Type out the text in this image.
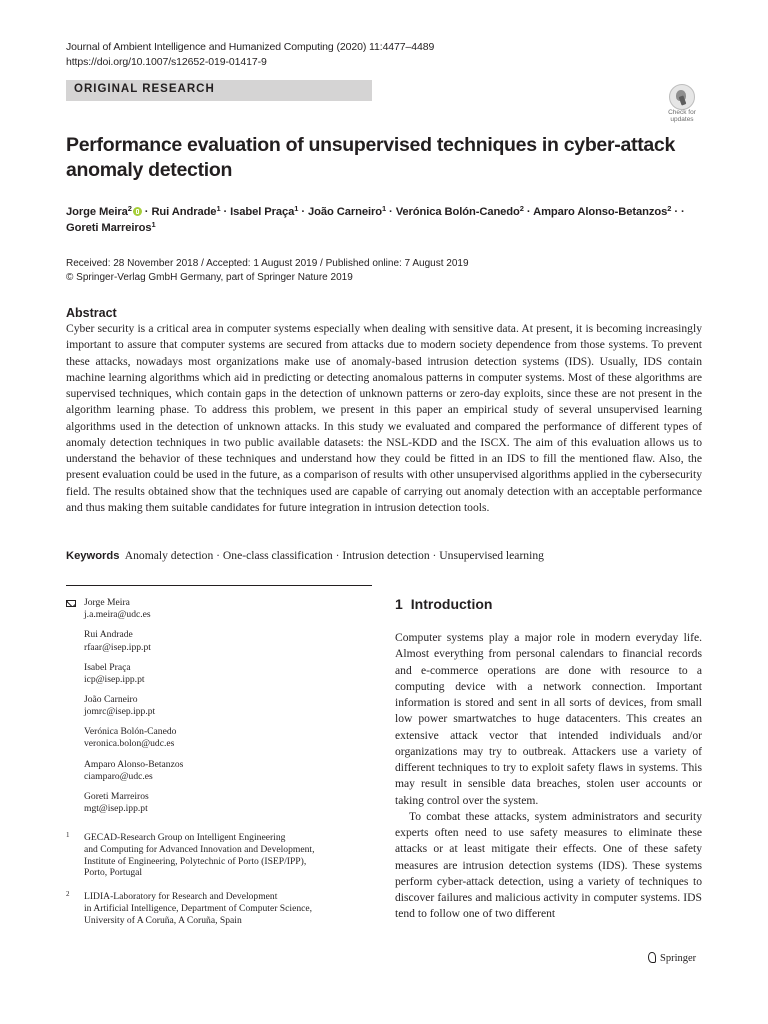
Journal of Ambient Intelligence and Humanized Computing (2020) 11:4477–4489
https://doi.org/10.1007/s12652-019-01417-9
ORIGINAL RESEARCH
Check for
updates
Performance evaluation of unsupervised techniques in cyber-attack anomaly detection
Jorge Meira$^2$ · Rui Andrade$^1$ · Isabel Praça$^1$ · João Carneiro$^1$ · Verónica Bolón-Canedo$^2$ · Amparo Alonso-Betanzos$^2$ · ·
Goreti Marreiros$^1$
Received: 28 November 2018 / Accepted: 1 August 2019 / Published online: 7 August 2019
© Springer-Verlag GmbH Germany, part of Springer Nature 2019
Abstract
Cyber security is a critical area in computer systems especially when dealing with sensitive data. At present, it is becoming increasingly important to assure that computer systems are secured from attacks due to modern society dependence from those systems. To prevent these attacks, nowadays most organizations make use of anomaly-based intrusion detection systems (IDS). Usually, IDS contain machine learning algorithms which aid in predicting or detecting anomalous patterns in computer systems. Most of these algorithms are supervised techniques, which contain gaps in the detection of unknown patterns or zero-day exploits, since these are not present in the algorithm learning phase. To address this problem, we present in this paper an empirical study of several unsupervised learning algorithms used in the detection of unknown attacks. In this study we evaluated and compared the performance of different types of anomaly detection techniques in two public available datasets: the NSL-KDD and the ISCX. The aim of this evaluation allows us to understand the behavior of these techniques and understand how they could be fitted in an IDS to fill the mentioned flaw. Also, the present evaluation could be used in the future, as a comparison of results with other unsupervised algorithms applied in the cybersecurity field. The results obtained show that the techniques used are capable of carrying out anomaly detection with an acceptable performance and thus making them suitable candidates for future integration in intrusion detection tools.
Keywords Anomaly detection · One-class classification · Intrusion detection · Unsupervised learning
Jorge Meira
j.a.meira@udc.es
Rui Andrade
rfaar@isep.ipp.pt
Isabel Praça
icp@isep.ipp.pt
João Carneiro
jomrc@isep.ipp.pt
Verónica Bolón-Canedo
veronica.bolon@udc.es
Amparo Alonso-Betanzos
ciamparo@udc.es
Goreti Marreiros
mgt@isep.ipp.pt
1 GECAD-Research Group on Intelligent Engineering
and Computing for Advanced Innovation and Development,
Institute of Engineering, Polytechnic of Porto (ISEP/IPP),
Porto, Portugal
2 LIDIA-Laboratory for Research and Development
in Artificial Intelligence, Department of Computer Science,
University of A Coruña, A Coruña, Spain
1 Introduction

Computer systems play a major role in modern everyday life. Almost everything from personal calendars to financial records and e-commerce operations are done with resource to a computing device with a network connection. Important information is stored and sent in all sorts of devices, from small low power smartwatches to huge datacenters. This creates an extensive attack vector that intended individuals and/or organizations may try to outbreak. Attackers use a variety of different techniques to try to exploit safety flaws in systems. This may result in sensible data breaches, stolen user accounts or taking control over the system.

To combat these attacks, system administrators and security experts often need to use safety measures to eliminate these attacks or at least mitigate their effects. One of these safety measures are intrusion detection systems (IDS). These systems perform cyber-attack detection, using a variety of techniques to discover failures and malicious activity in computer systems. IDS tend to follow one of two different

Springer
